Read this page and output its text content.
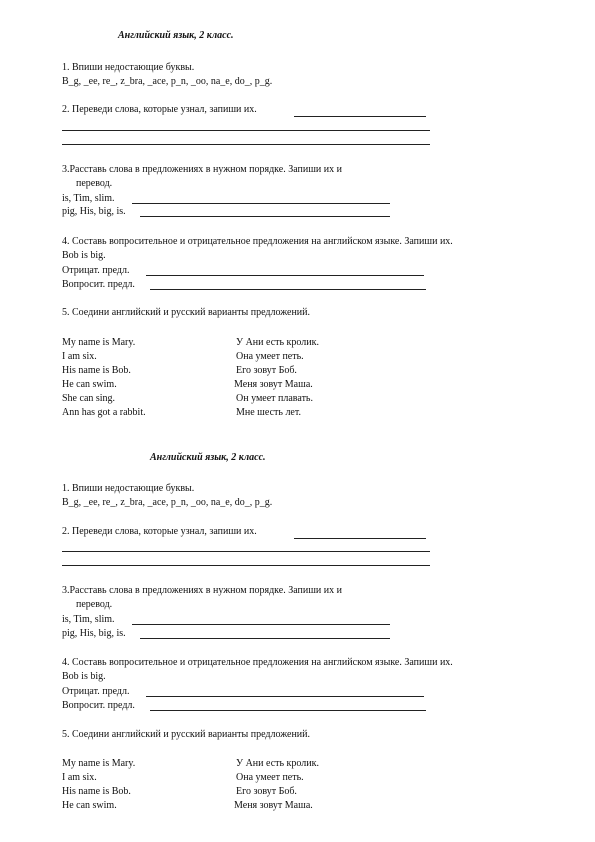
Английский язык, 2 класс.
1. Впиши недостающие буквы.
B_g, _ee, re_, z_bra, _ace, p_n, _oo, na_e, do_, p_g.
2. Переведи слова, которые узнал, запиши их.
3.Расставь слова в предложениях в нужном порядке. Запиши их и
перевод.
is, Tim, slim.
pig, His, big, is.
4. Составь вопросительное и отрицательное предложения на английском языке. Запиши их.
Bob is big.
Отрицат. предл.
Вопросит. предл.
5. Соедини английский и русский варианты предложений.
My name is Mary.	У Ани есть кролик.
I am six.	Она умеет петь.
His name is Bob.	Его зовут Боб.
He can swim.	Меня зовут Маша.
She can sing.	Он умеет плавать.
Ann has got a rabbit.	Мне шесть лет.
Английский язык, 2 класс.
1. Впиши недостающие буквы.
B_g, _ee, re_, z_bra, _ace, p_n, _oo, na_e, do_, p_g.
2. Переведи слова, которые узнал, запиши их.
3.Расставь слова в предложениях в нужном порядке. Запиши их и
перевод.
is, Tim, slim.
pig, His, big, is.
4. Составь вопросительное и отрицательное предложения на английском языке. Запиши их.
Bob is big.
Отрицат. предл.
Вопросит. предл.
5. Соедини английский и русский варианты предложений.
My name is Mary.	У Ани есть кролик.
I am six.	Она умеет петь.
His name is Bob.	Его зовут Боб.
He can swim.	Меня зовут Маша.
